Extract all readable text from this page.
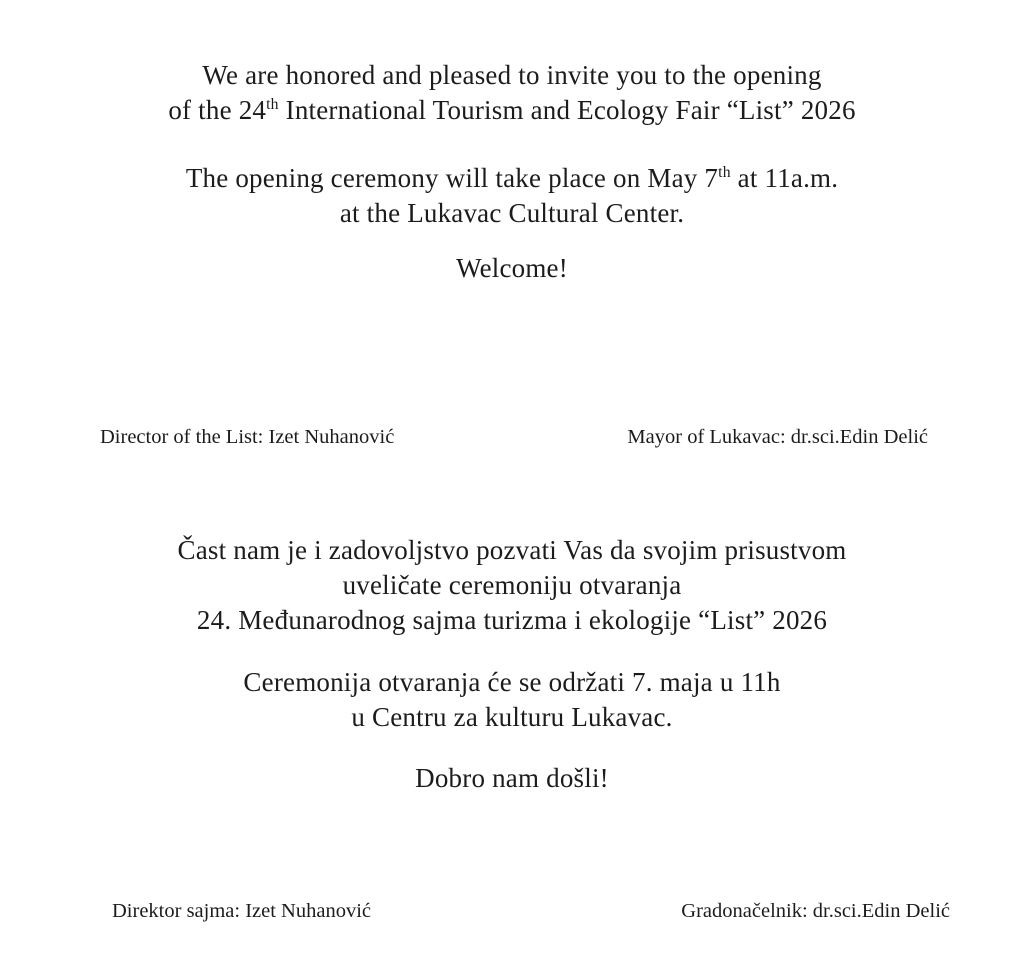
We are honored and pleased to invite you to the opening
of the 24th International Tourism and Ecology Fair “List” 2026
The opening ceremony will take place on May 7th at 11a.m.
at the Lukavac Cultural Center.
Welcome!
Director of the List: Izet Nuhanović	Mayor of Lukavac: dr.sci.Edin Delić
Čast nam je i zadovoljstvo pozvati Vas da svojim prisustvom
uveličate ceremoniju otvaranja
24. Međunarodnog sajma turizma i ekologije “List” 2026
Ceremonija otvaranja će se održati 7. maja u 11h
u Centru za kulturu Lukavac.
Dobro nam došli!
Direktor sajma: Izet Nuhanović	Gradonačelnik: dr.sci.Edin Delić
